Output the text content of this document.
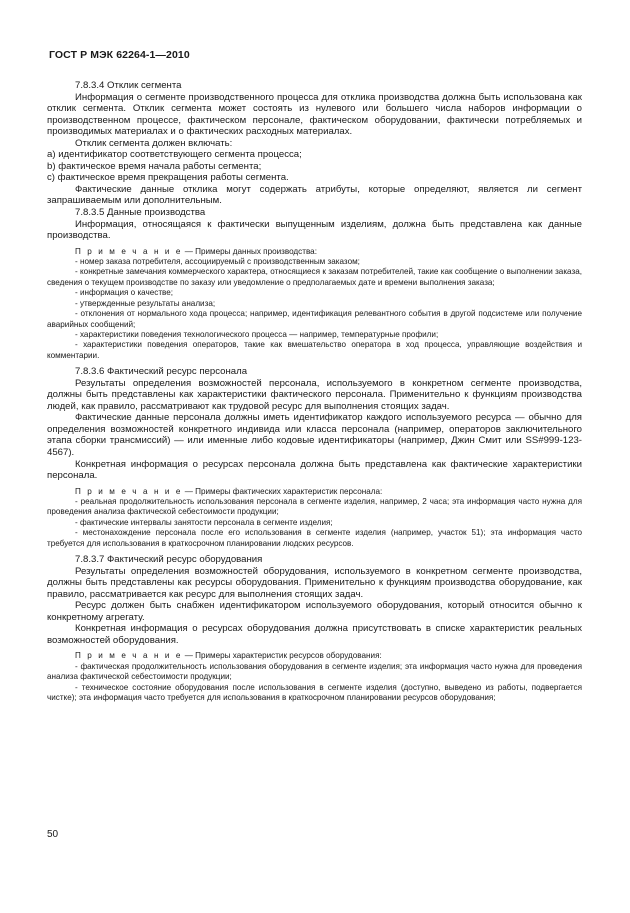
ГОСТ Р МЭК 62264-1—2010
7.8.3.4 Отклик сегмента

Информация о сегменте производственного процесса для отклика производства должна быть использована как отклик сегмента. Отклик сегмента может состоять из нулевого или большего числа наборов информации о производственном процессе, фактическом персонале, фактическом оборудовании, фактически потребляемых и производимых материалах и о фактических расходных материалах.

Отклик сегмента должен включать:

а) идентификатор соответствующего сегмента процесса;

b) фактическое время начала работы сегмента;

c) фактическое время прекращения работы сегмента.

Фактические данные отклика могут содержать атрибуты, которые определяют, является ли сегмент запрашиваемым или дополнительным.

7.8.3.5 Данные производства

Информация, относящаяся к фактически выпущенным изделиям, должна быть представлена как данные производства.

П р и м е ч а н и е — Примеры данных производства:

- номер заказа потребителя, ассоциируемый с производственным заказом;

- конкретные замечания коммерческого характера, относящиеся к заказам потребителей, такие как сообщение о выполнении заказа, сведения о текущем производстве по заказу или уведомление о предполагаемых дате и времени выполнения заказа;

- информация о качестве;

- утвержденные результаты анализа;

- отклонения от нормального хода процесса; например, идентификация релевантного события в другой подсистеме или получение аварийных сообщений;

- характеристики поведения технологического процесса — например, температурные профили;

- характеристики поведения операторов, такие как вмешательство оператора в ход процесса, управляющие воздействия и комментарии.

7.8.3.6 Фактический ресурс персонала

Результаты определения возможностей персонала, используемого в конкретном сегменте производства, должны быть представлены как характеристики фактического персонала. Применительно к функциям производства людей, как правило, рассматривают как трудовой ресурс для выполнения стоящих задач.

Фактические данные персонала должны иметь идентификатор каждого используемого ресурса — обычно для определения возможностей конкретного индивида или класса персонала (например, операторов заключительного этапа сборки трансмиссий) — или именные либо кодовые идентификаторы (например, Джин Смит или SS#999-123-4567).

Конкретная информация о ресурсах персонала должна быть представлена как фактические характеристики персонала.

П р и м е ч а н и е — Примеры фактических характеристик персонала:

- реальная продолжительность использования персонала в сегменте изделия, например, 2 часа; эта информация часто нужна для проведения анализа фактической себестоимости продукции;

- фактические интервалы занятости персонала в сегменте изделия;

- местонахождение персонала после его использования в сегменте изделия (например, участок 51); эта информация часто требуется для использования в краткосрочном планировании людских ресурсов.

7.8.3.7 Фактический ресурс оборудования

Результаты определения возможностей оборудования, используемого в конкретном сегменте производства, должны быть представлены как ресурсы оборудования. Применительно к функциям производства оборудование, как правило, рассматривается как ресурс для выполнения стоящих задач.

Ресурс должен быть снабжен идентификатором используемого оборудования, который относится обычно к конкретному агрегату.

Конкретная информация о ресурсах оборудования должна присутствовать в списке характеристик реальных возможностей оборудования.

П р и м е ч а н и е — Примеры характеристик ресурсов оборудования:

- фактическая продолжительность использования оборудования в сегменте изделия; эта информация часто нужна для проведения анализа фактической себестоимости продукции;

- техническое состояние оборудования после использования в сегменте изделия (доступно, выведено из работы, подвергается чистке); эта информация часто требуется для использования в краткосрочном планировании ресурсов оборудования;

50
